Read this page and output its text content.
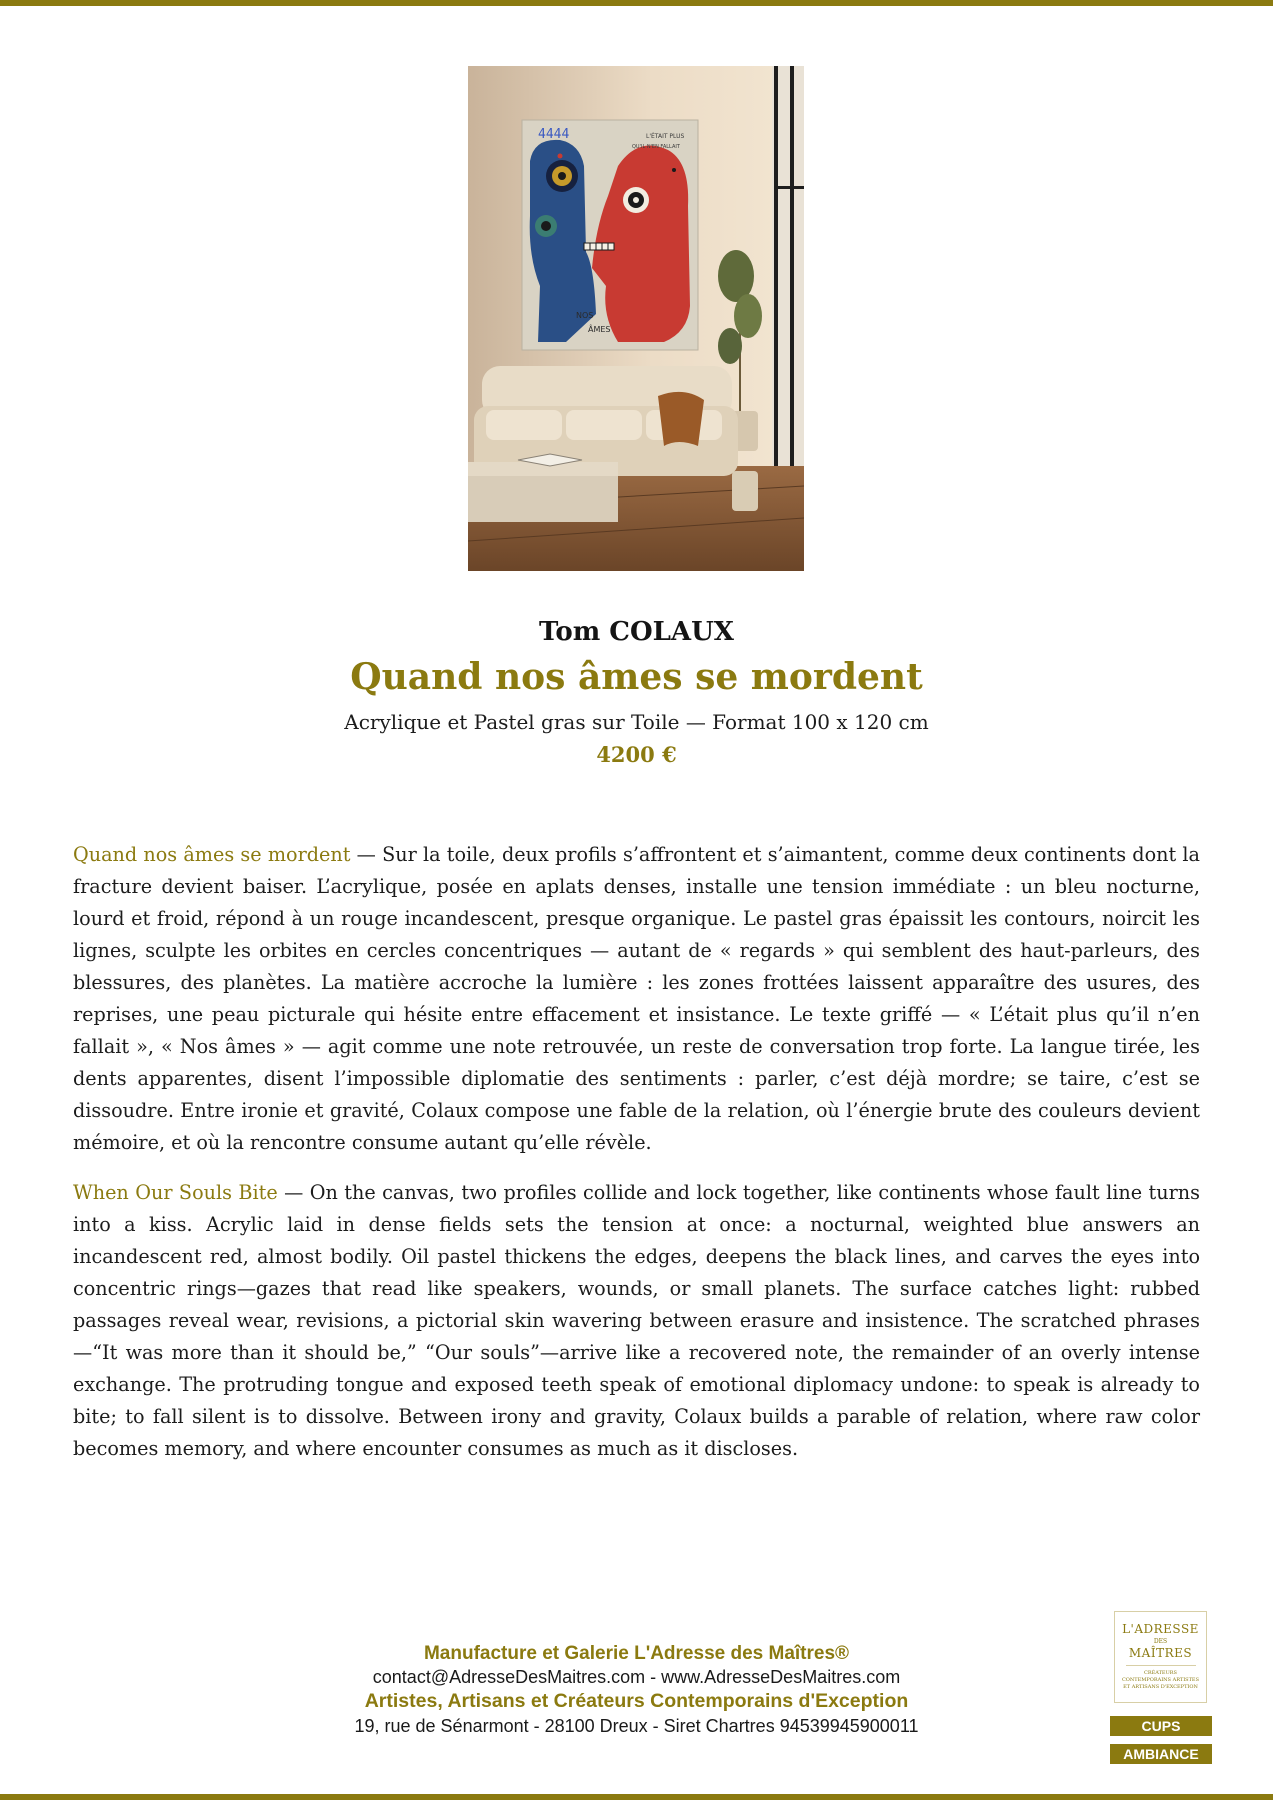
4444	L'ÉTAIT PLUS
QU'IL N'EN FALLAIT
NOS
ÂMES
Tom COLAUX
Quand nos âmes se mordent
Acrylique et Pastel gras sur Toile — Format 100 x 120 cm
4200 €

Quand nos âmes se mordent — Sur la toile, deux profils s’affrontent et s’aimantent, comme deux continents dont la fracture devient baiser. L’acrylique, posée en aplats denses, installe une tension immédiate : un bleu nocturne, lourd et froid, répond à un rouge incandescent, presque organique. Le pastel gras épaissit les contours, noircit les lignes, sculpte les orbites en cercles concentriques — autant de « regards » qui semblent des haut-parleurs, des blessures, des planètes. La matière accroche la lumière : les zones frottées laissent apparaître des usures, des reprises, une peau picturale qui hésite entre effacement et insistance. Le texte griffé — « L’était plus qu’il n’en fallait », « Nos âmes » — agit comme une note retrouvée, un reste de conversation trop forte. La langue tirée, les dents apparentes, disent l’impossible diplomatie des sentiments : parler, c’est déjà mordre; se taire, c’est se dissoudre. Entre ironie et gravité, Colaux compose une fable de la relation, où l’énergie brute des couleurs devient mémoire, et où la rencontre consume autant qu’elle révèle.

When Our Souls Bite — On the canvas, two profiles collide and lock together, like continents whose fault line turns into a kiss. Acrylic laid in dense fields sets the tension at once: a nocturnal, weighted blue answers an incandescent red, almost bodily. Oil pastel thickens the edges, deepens the black lines, and carves the eyes into concentric rings—gazes that read like speakers, wounds, or small planets. The surface catches light: rubbed passages reveal wear, revisions, a pictorial skin wavering between erasure and insistence. The scratched phrases—“It was more than it should be,” “Our souls”—arrive like a recovered note, the remainder of an overly intense exchange. The protruding tongue and exposed teeth speak of emotional diplomacy undone: to speak is already to bite; to fall silent is to dissolve. Between irony and gravity, Colaux builds a parable of relation, where raw color becomes memory, and where encounter consumes as much as it discloses.

Manufacture et Galerie L'Adresse des Maîtres®
contact@AdresseDesMaitres.com - www.AdresseDesMaitres.com
Artistes, Artisans et Créateurs Contemporains d'Exception
19, rue de Sénarmont - 28100 Dreux - Siret Chartres 94539945900011
L'ADRESSE
DES
MAÎTRES
CRÉATEURS CONTEMPORAINS ARTISTES ET ARTISANS D'EXCEPTION
CUPS
AMBIANCE
